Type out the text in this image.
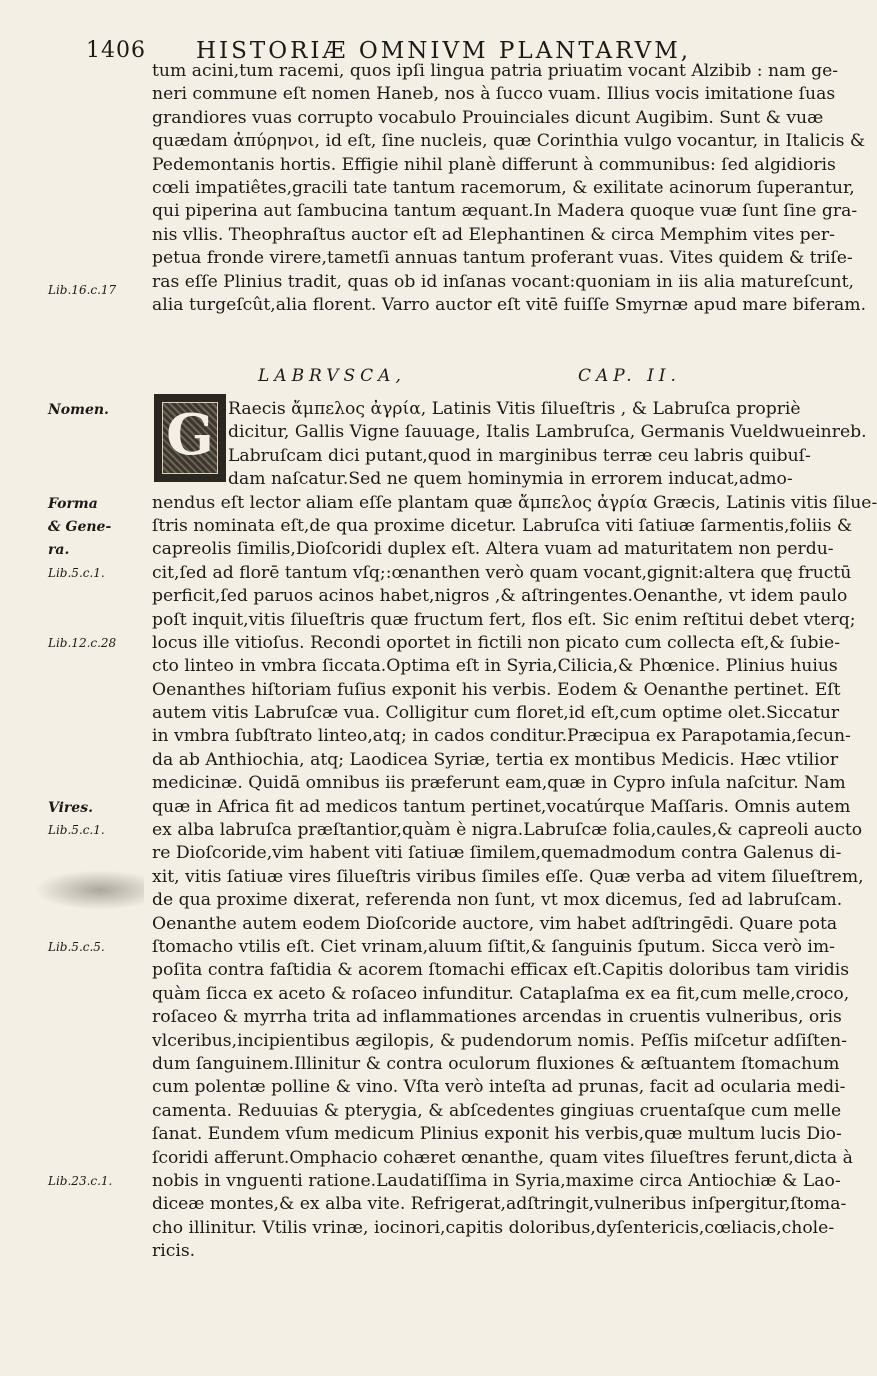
1406 HISTORIÆ OMNIVM PLANTARVM,
tum acini,tum racemi, quos ipſi lingua patria priuatim vocant Alzibib : nam ge-
neri commune eſt nomen Haneb, nos à ſucco vuam. Illius vocis imitatione ſuas
grandiores vuas corrupto vocabulo Prouinciales dicunt Augibim. Sunt & vuæ
quædam ἀπύρηνοι, id eſt, ſine nucleis, quæ Corinthia vulgo vocantur, in Italicis &
Pedemontanis hortis. Effigie nihil planè differunt à communibus: ſed algidioris
cœli impatiêtes,gracili tate tantum racemorum, & exilitate acinorum ſuperantur,
qui piperina aut ſambucina tantum æquant.In Madera quoque vuæ ſunt ſine gra-
nis vllis. Theophraſtus auctor eſt ad Elephantinen & circa Memphim vites per-
petua fronde virere,tametſi annuas tantum proferant vuas. Vites quidem & triſe-
ras eſſe Plinius tradit, quas ob id inſanas vocant:quoniam in iis alia matureſcunt,
alia turgeſcût,alia florent. Varro auctor eſt vitē fuiſſe Smyrnæ apud mare biferam.
LABRVSCA,	CAP. II.
G Raecis ἄμπελος ἀγρία, Latinis Vitis ſilueſtris , & Labruſca propriè
dicitur, Gallis Vigne ſauuage, Italis Lambruſca, Germanis Vueldwueinreb.
Labruſcam dici putant,quod in marginibus terræ ceu labris quibuſ-
dam naſcatur.Sed ne quem hominymia in errorem inducat,admo-
nendus eſt lector aliam eſſe plantam quæ ἄμπελος ἀγρία Græcis, Latinis vitis ſilue-
ſtris nominata eſt,de qua proxime dicetur. Labruſca viti ſatiuæ ſarmentis,foliis &
capreolis ſimilis,Dioſcoridi duplex eſt. Altera vuam ad maturitatem non perdu-
cit,ſed ad florē tantum vſq;:œnanthen verò quam vocant,gignit:altera quę fructū
perficit,ſed paruos acinos habet,nigros ,& aſtringentes.Oenanthe, vt idem paulo
poſt inquit,vitis ſilueſtris quæ fructum fert, flos eſt. Sic enim reſtitui debet vterq;
locus ille vitioſus. Recondi oportet in fictili non picato cum collecta eſt,& ſubie-
cto linteo in vmbra ſiccata.Optima eſt in Syria,Cilicia,& Phœnice. Plinius huius
Oenanthes hiſtoriam fuſius exponit his verbis. Eodem & Oenanthe pertinet. Eſt
autem vitis Labruſcæ vua. Colligitur cum floret,id eſt,cum optime olet.Siccatur
in vmbra ſubſtrato linteo,atq; in cados conditur.Præcipua ex Parapotamia,ſecun-
da ab Anthiochia, atq; Laodicea Syriæ, tertia ex montibus Medicis. Hæc vtilior
medicinæ. Quidā omnibus iis præferunt eam,quæ in Cypro inſula naſcitur. Nam
quæ in Africa fit ad medicos tantum pertinet,vocatúrque Maſſaris. Omnis autem
ex alba labruſca præſtantior,quàm è nigra.Labruſcæ folia,caules,& capreoli aucto
re Dioſcoride,vim habent viti ſatiuæ ſimilem,quemadmodum contra Galenus di-
xit, vitis ſatiuæ vires ſilueſtris viribus ſimiles eſſe. Quæ verba ad vitem ſilueſtrem,
de qua proxime dixerat, referenda non ſunt, vt mox dicemus, ſed ad labruſcam.
Oenanthe autem eodem Dioſcoride auctore, vim habet adſtringēdi. Quare pota
ſtomacho vtilis eſt. Ciet vrinam,aluum ſiſtit,& ſanguinis ſputum. Sicca verò im-
poſita contra faſtidia & acorem ſtomachi efficax eſt.Capitis doloribus tam viridis
quàm ſicca ex aceto & roſaceo infunditur. Cataplaſma ex ea fit,cum melle,croco,
roſaceo & myrrha trita ad inflammationes arcendas in cruentis vulneribus, oris
vlceribus,incipientibus ægilopis, & pudendorum nomis. Peſſis miſcetur adſiſten-
dum ſanguinem.Illinitur & contra oculorum fluxiones & æſtuantem ſtomachum
cum polentæ polline & vino. Vſta verò inteſta ad prunas, facit ad ocularia medi-
camenta. Reduuias & pterygia, & abſcedentes gingiuas cruentaſque cum melle
ſanat. Eundem vſum medicum Plinius exponit his verbis,quæ multum lucis Dio-
ſcoridi afferunt.Omphacio cohæret œnanthe, quam vites ſilueſtres ferunt,dicta à
nobis in vnguenti ratione.Laudatiſſima in Syria,maxime circa Antiochiæ & Lao-
diceæ montes,& ex alba vite. Refrigerat,adſtringit,vulneribus inſpergitur,ſtoma-
cho illinitur. Vtilis vrinæ, iocinori,capitis doloribus,dyſentericis,cœliacis,chole-
ricis.
Lib.16.c.17
Nomen.
Forma
& Gene-
ra.
Lib.5.c.1.
Lib.12.c.28
Vires.
Lib.5.c.1.
Lib.5.c.5.
Lib.23.c.1.
